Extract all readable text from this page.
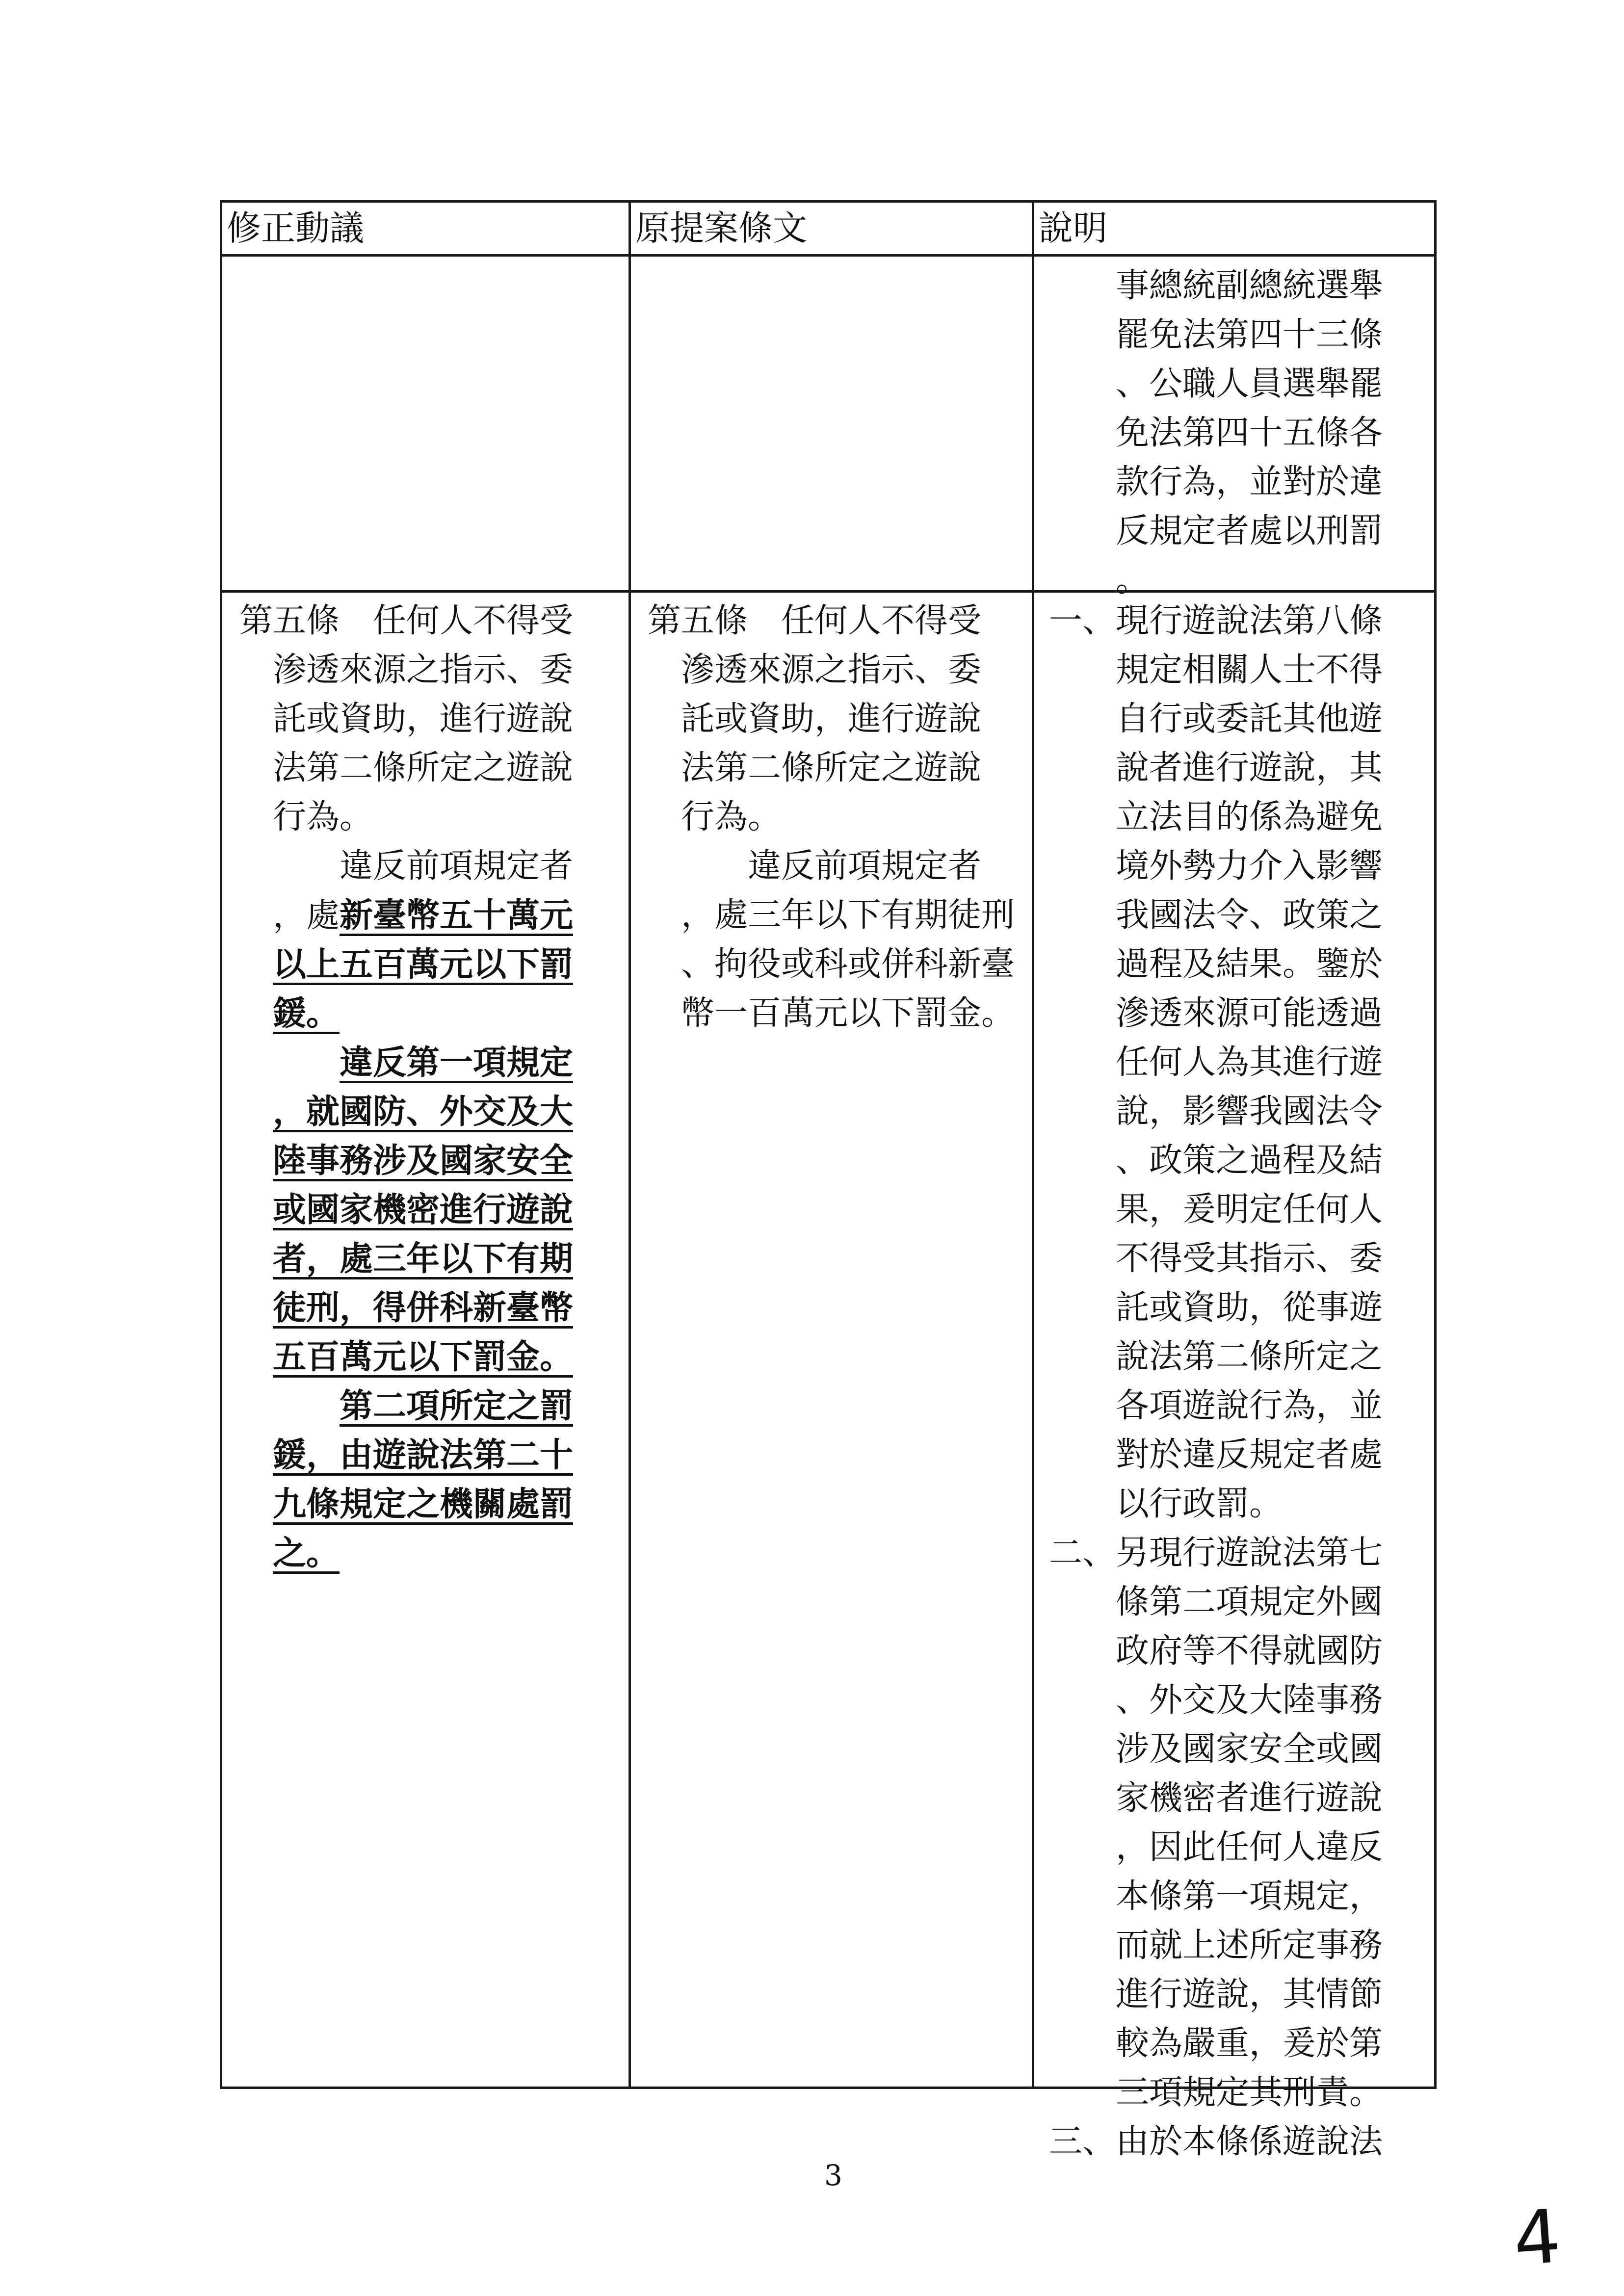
修正動議	原提案條文	說明
　　事總統副總統選舉
　　罷免法第四十三條
　　、公職人員選舉罷
　　免法第四十五條各
　　款行為，並對於違
　　反規定者處以刑罰
　　。
第五條　任何人不得受
　渗透來源之指示、委
　託或資助，進行遊說
　法第二條所定之遊說
　行為。
　　　違反前項規定者
　，處新臺幣五十萬元
　以上五百萬元以下罰
　鍰。
　　　違反第一項規定
　，就國防、外交及大
　陸事務涉及國家安全
　或國家機密進行遊說
　者，處三年以下有期
　徒刑，得併科新臺幣
　五百萬元以下罰金。
　　　第二項所定之罰
　鍰，由遊說法第二十
　九條規定之機關處罰
　之。
第五條　任何人不得受
　滲透來源之指示、委
　託或資助，進行遊說
　法第二條所定之遊說
　行為。
　　　違反前項規定者
　，處三年以下有期徒刑
　、拘役或科或併科新臺
　幣一百萬元以下罰金。
一、現行遊說法第八條
　　規定相關人士不得
　　自行或委託其他遊
　　說者進行遊說，其
　　立法目的係為避免
　　境外勢力介入影響
　　我國法令、政策之
　　過程及結果。鑒於
　　滲透來源可能透過
　　任何人為其進行遊
　　說，影響我國法令
　　、政策之過程及結
　　果，爰明定任何人
　　不得受其指示、委
　　託或資助，從事遊
　　說法第二條所定之
　　各項遊說行為，並
　　對於違反規定者處
　　以行政罰。
二、另現行遊說法第七
　　條第二項規定外國
　　政府等不得就國防
　　、外交及大陸事務
　　涉及國家安全或國
　　家機密者進行遊說
　　，因此任何人違反
　　本條第一項規定，
　　而就上述所定事務
　　進行遊說，其情節
　　較為嚴重，爰於第
　　三項規定其刑責。
三、由於本條係遊說法
3
4
